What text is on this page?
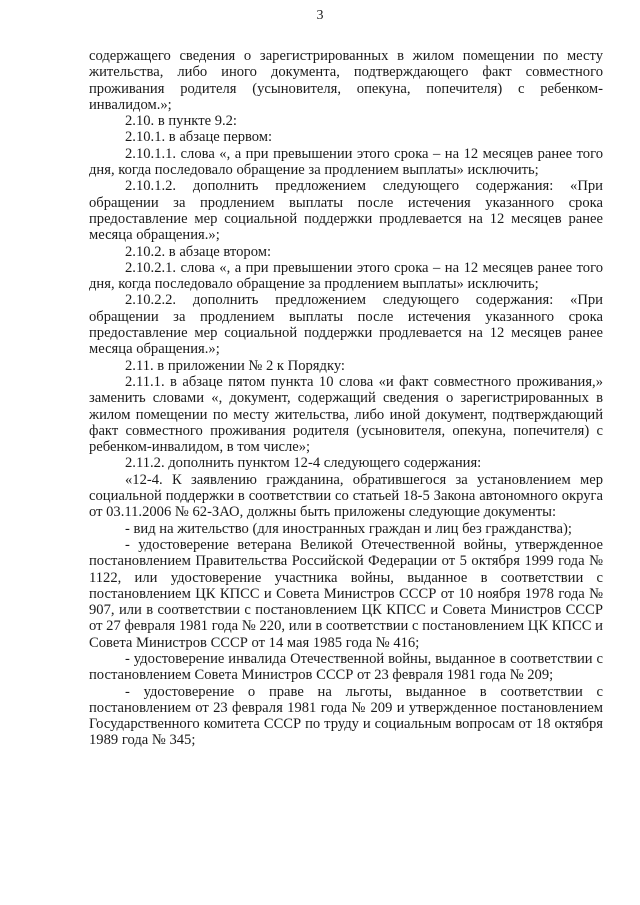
3

содержащего сведения о зарегистрированных в жилом помещении по месту жительства, либо иного документа, подтверждающего факт совместного проживания родителя (усыновителя, опекуна, попечителя) с ребенком-инвалидом.»;

2.10. в пункте 9.2:

2.10.1. в абзаце первом:

2.10.1.1. слова «, а при превышении этого срока – на 12 месяцев ранее того дня, когда последовало обращение за продлением выплаты» исключить;

2.10.1.2. дополнить предложением следующего содержания: «При обращении за продлением выплаты после истечения указанного срока предоставление мер социальной поддержки продлевается на 12 месяцев ранее месяца обращения.»;

2.10.2. в абзаце втором:

2.10.2.1. слова «, а при превышении этого срока – на 12 месяцев ранее того дня, когда последовало обращение за продлением выплаты» исключить;

2.10.2.2. дополнить предложением следующего содержания: «При обращении за продлением выплаты после истечения указанного срока предоставление мер социальной поддержки продлевается на 12 месяцев ранее месяца обращения.»;

2.11. в приложении № 2 к Порядку:

2.11.1. в абзаце пятом пункта 10 слова «и факт совместного проживания,» заменить словами «, документ, содержащий сведения о зарегистрированных в жилом помещении по месту жительства, либо иной документ, подтверждающий факт совместного проживания родителя (усыновителя, опекуна, попечителя) с ребенком-инвалидом, в том числе»;

2.11.2. дополнить пунктом 12-4 следующего содержания:

«12-4. К заявлению гражданина, обратившегося за установлением мер социальной поддержки в соответствии со статьей 18-5 Закона автономного округа от 03.11.2006 № 62-ЗАО, должны быть приложены следующие документы:

- вид на жительство (для иностранных граждан и лиц без гражданства);

- удостоверение ветерана Великой Отечественной войны, утвержденное постановлением Правительства Российской Федерации от 5 октября 1999 года № 1122, или удостоверение участника войны, выданное в соответствии с постановлением ЦК КПСС и Совета Министров СССР от 10 ноября 1978 года № 907, или в соответствии с постановлением ЦК КПСС и Совета Министров СССР от 27 февраля 1981 года № 220, или в соответствии с постановлением ЦК КПСС и Совета Министров СССР от 14 мая 1985 года № 416;

- удостоверение инвалида Отечественной войны, выданное в соответствии с постановлением Совета Министров СССР от 23 февраля 1981 года № 209;

- удостоверение о праве на льготы, выданное в соответствии с постановлением от 23 февраля 1981 года № 209 и утвержденное постановлением Государственного комитета СССР по труду и социальным вопросам от 18 октября 1989 года № 345;
